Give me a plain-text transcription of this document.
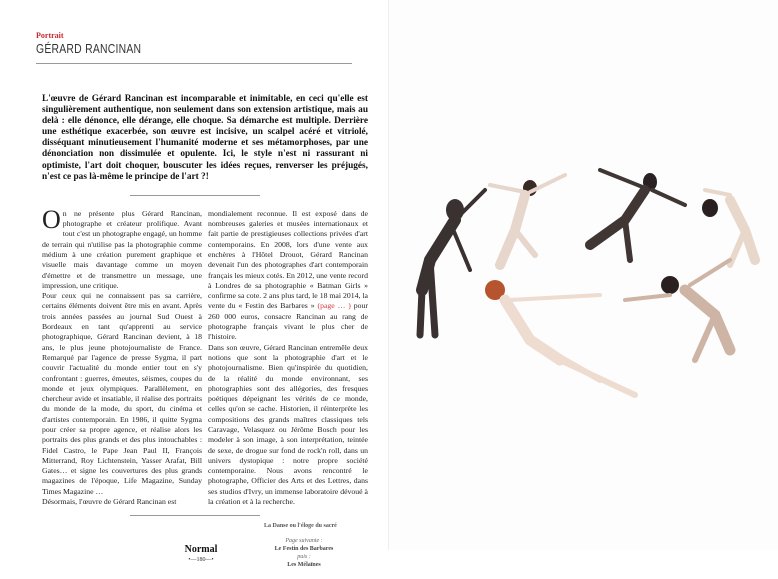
Portrait
GÉRARD RANCINAN
L'œuvre de Gérard Rancinan est incomparable et inimitable, en ceci qu'elle est singulièrement authentique, non seulement dans son extension artistique, mais au delà : elle dénonce, elle dérange, elle choque. Sa démarche est multiple. Derrière une esthétique exacerbée, son œuvre est incisive, un scalpel acéré et vitriolé, disséquant minutieusement l'humanité moderne et ses métamorphoses, par une dénonciation non dissimulée et opulente. Ici, le style n'est ni rassurant ni optimiste, l'art doit choquer, bouscuter les idées reçues, renverser les préjugés, n'est ce pas là-même le principe de l'art ?!

On ne présente plus Gérard Rancinan, photographe et créateur prolifique. Avant tout c'est un photographe engagé, un homme de terrain qui n'utilise pas la photographie comme médium à une création purement graphique et visuelle mais davantage comme un moyen d'émettre et de transmettre un message, une impression, une critique.

Pour ceux qui ne connaissent pas sa carrière, certains éléments doivent être mis en avant. Après trois années passées au journal Sud Ouest à Bordeaux en tant qu'apprenti au service photographique, Gérard Rancinan devient, à 18 ans, le plus jeune photojournaliste de France. Remarqué par l'agence de presse Sygma, il part couvrir l'actualité du monde entier tout en s'y confrontant : guerres, émeutes, séismes, coupes du monde et jeux olympiques. Parallèlement, en chercheur avide et insatiable, il réalise des portraits du monde de la mode, du sport, du cinéma et d'artistes contemporain. En 1986, il quitte Sygma pour créer sa propre agence, et réalise alors les portraits des plus grands et des plus intouchables : Fidel Castro, le Pape Jean Paul II, François Mitterrand, Roy Lichtenstein, Yasser Arafat, Bill Gates… et signe les couvertures des plus grands magazines de l'époque, Life Magazine, Sunday Times Magazine …

Désormais, l'œuvre de Gérard Rancinan est

mondialement reconnue. Il est exposé dans de nombreuses galeries et musées internationaux et fait partie de prestigieuses collections privées d'art contemporains. En 2008, lors d'une vente aux enchères à l'Hôtel Drouot, Gérard Rancinan devenait l'un des photographes d'art contemporain français les mieux cotés. En 2012, une vente record à Londres de sa photographie « Batman Girls » confirme sa cote. 2 ans plus tard, le 18 mai 2014, la vente du « Festin des Barbares » (page … ) pour 260 000 euros, consacre Rancinan au rang de photographe français vivant le plus cher de l'histoire.

Dans son œuvre, Gérard Rancinan entremêle deux notions que sont la photographie d'art et le photojournalisme. Bien qu'inspirée du quotidien, de la réalité du monde environnant, ses photographies sont des allégories, des fresques poétiques dépeignant les vérités de ce monde, celles qu'on se cache. Historien, il réinterprète les compositions des grands maîtres classiques tels Caravage, Velasquez ou Jérôme Bosch pour les modeler à son image, à son interprétation, teintée de sexe, de drogue sur fond de rock'n roll, dans un univers dystopique : notre propre société contemporaine. Nous avons rencontré le photographe, Officier des Arts et des Lettres, dans ses studios d'Ivry, un immense laboratoire dévoué à la création et à la recherche.

Normal
•—180—•
La Danse ou l'éloge du sacré
Page suivante :
Le Festin des Barbares
puis :
Les Mélaïnes
